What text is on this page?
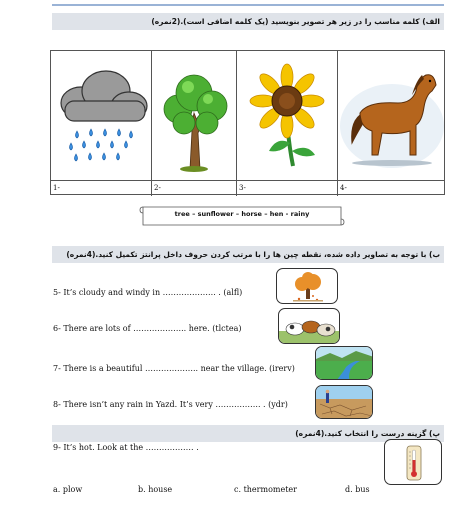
الف) کلمه مناسب را در زیر هر تصویر بنویسید (یک کلمه اضافی است).(2نمره)
1-	2-	3-	4-
tree – sunflower – horse – hen - rainy
ب) با توجه به تصاویر داده شده، نقطه چین ها را با مرتب کردن حروف داخل پرانتز تکمیل کنید.(4نمره)
5- It’s cloudy and windy in ……………….. . (alfl)
6- There are lots of ……………….. here. (tlctea)
7- There is a beautiful ……………….. near the village. (irerv)
8- There isn’t any rain in Yazd. It’s very …………….. . (ydr)
پ) گزینه درست را انتخاب کنید.(4نمره)
9- It’s hot. Look at the ……………… .
a. plow	b. house	c. thermometer	d. bus
